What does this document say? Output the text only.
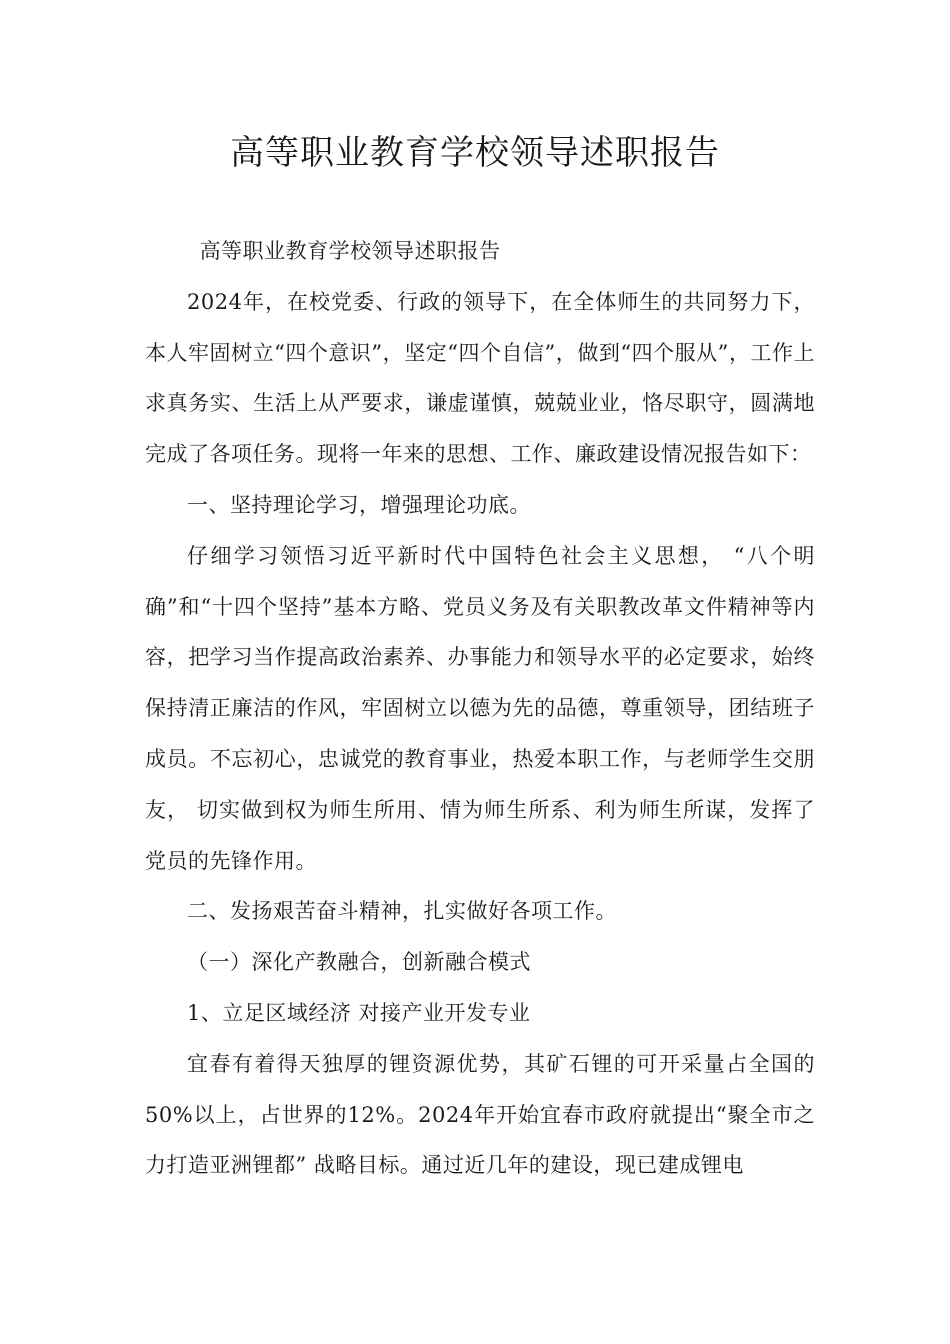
高等职业教育学校领导述职报告

高等职业教育学校领导述职报告

2024年，在校党委、行政的领导下，在全体师生的共同努力下，本人牢固树立“四个意识”，坚定“四个自信”，做到“四个服从”，工作上求真务实、生活上从严要求，谦虚谨慎，兢兢业业，恪尽职守，圆满地完成了各项任务。现将一年来的思想、工作、廉政建设情况报告如下：

一、坚持理论学习，增强理论功底。

仔细学习领悟习近平新时代中国特色社会主义思想， “八个明确”和“十四个坚持”基本方略、党员义务及有关职教改革文件精神等内容，把学习当作提高政治素养、办事能力和领导水平的必定要求，始终保持清正廉洁的作风，牢固树立以德为先的品德，尊重领导，团结班子成员。不忘初心，忠诚党的教育事业，热爱本职工作，与老师学生交朋友， 切实做到权为师生所用、情为师生所系、利为师生所谋，发挥了党员的先锋作用。

二、发扬艰苦奋斗精神，扎实做好各项工作。

（一）深化产教融合，创新融合模式

1、立足区域经济 对接产业开发专业

宜春有着得天独厚的锂资源优势，其矿石锂的可开采量占全国的50%以上，占世界的12%。2024年开始宜春市政府就提出“聚全市之力打造亚洲锂都” 战略目标。通过近几年的建设，现已建成锂电
